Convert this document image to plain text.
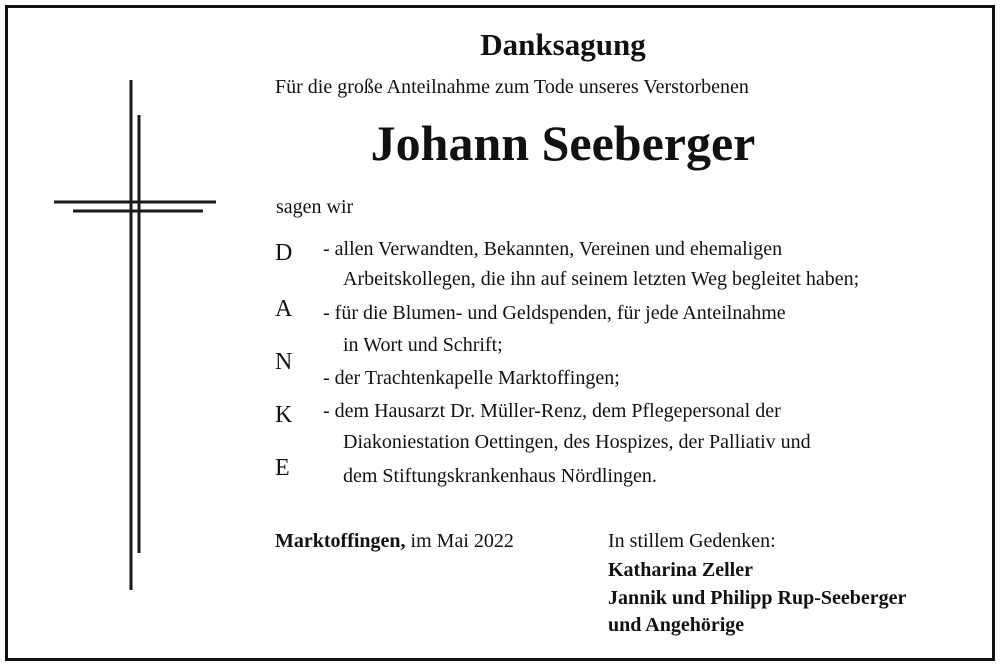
Danksagung
Für die große Anteilnahme zum Tode unseres Verstorbenen
Johann Seeberger
sagen wir
D
A
N
K
E
- allen Verwandten, Bekannten, Vereinen und ehemaligen
Arbeitskollegen, die ihn auf seinem letzten Weg begleitet haben;
- für die Blumen- und Geldspenden, für jede Anteilnahme
in Wort und Schrift;
- der Trachtenkapelle Marktoffingen;
- dem Hausarzt Dr. Müller-Renz, dem Pflegepersonal der
Diakoniestation Oettingen, des Hospizes, der Palliativ und
dem Stiftungskrankenhaus Nördlingen.
Marktoffingen, im Mai 2022	In stillem Gedenken:
Katharina Zeller
Jannik und Philipp Rup-Seeberger
und Angehörige
